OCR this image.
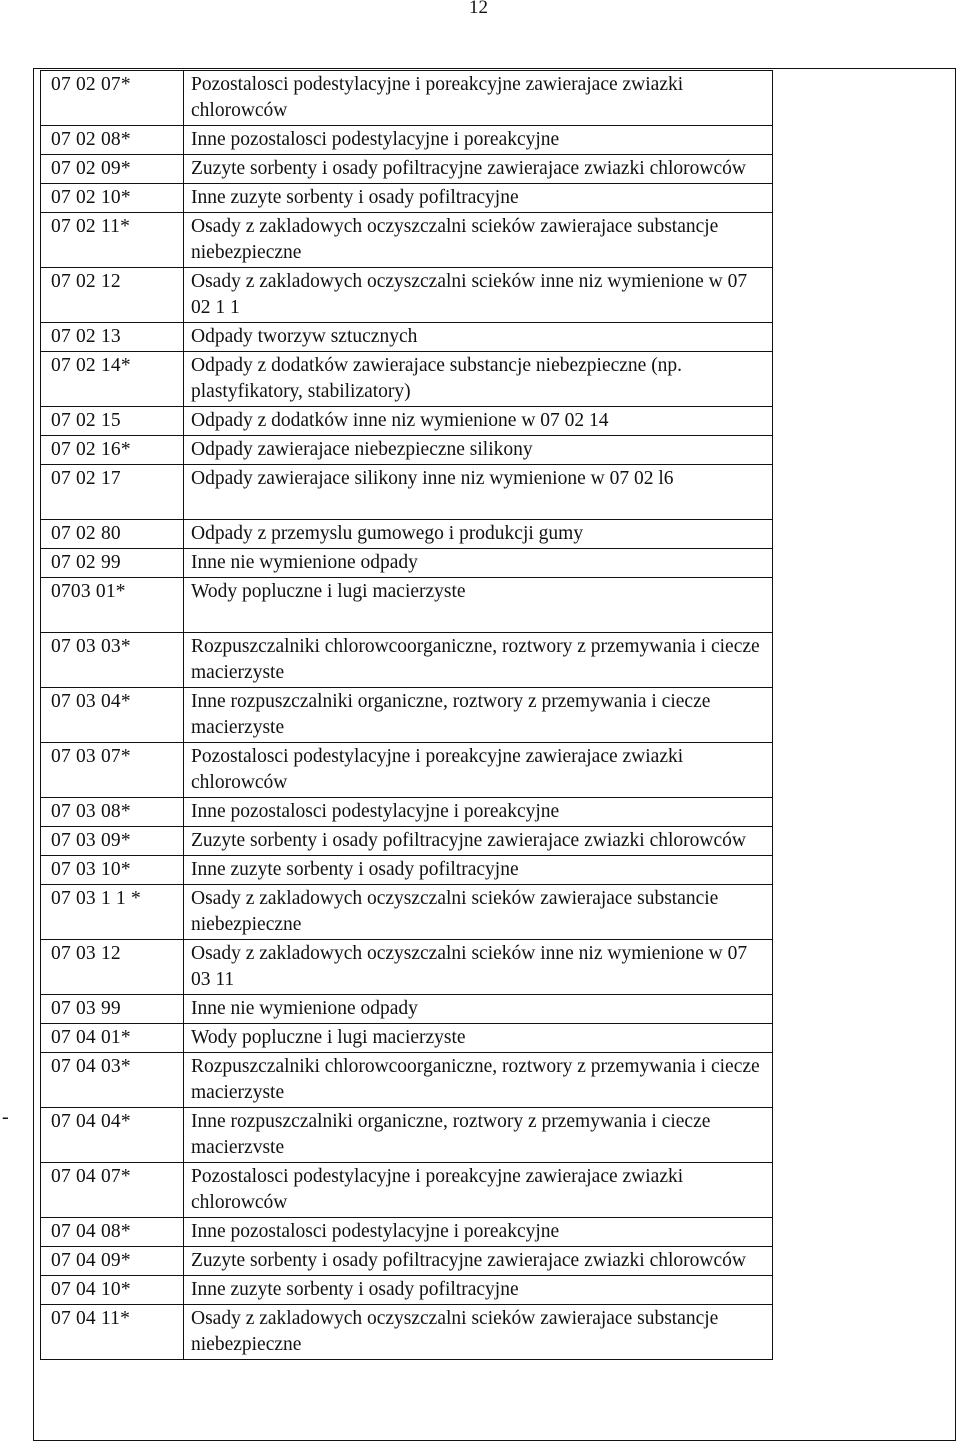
12
-
07 02 07*	Pozostalosci podestylacyjne i poreakcyjne zawierajace zwiazki chlorowców
07 02 08*	Inne pozostalosci podestylacyjne i poreakcyjne
07 02 09*	Zuzyte sorbenty i osady pofiltracyjne zawierajace zwiazki chlorowców
07 02 10*	Inne zuzyte sorbenty i osady pofiltracyjne
07 02 11*	Osady z zakladowych oczyszczalni scieków zawierajace substancje niebezpieczne
07 02 12	Osady z zakladowych oczyszczalni scieków inne niz wymienione w 07 02 1 1
07 02 13	Odpady tworzyw sztucznych
07 02 14*	Odpady z dodatków zawierajace substancje niebezpieczne (np. plastyfikatory, stabilizatory)
07 02 15	Odpady z dodatków inne niz wymienione w 07 02 14
07 02 16*	Odpady zawierajace niebezpieczne silikony
07 02 17	Odpady zawierajace silikony inne niz wymienione w 07 02 l6
07 02 80	Odpady z przemyslu gumowego i produkcji gumy
07 02 99	Inne nie wymienione odpady
0703 01*	Wody popluczne i lugi macierzyste
07 03 03*	Rozpuszczalniki chlorowcoorganiczne, roztwory z przemywania i ciecze macierzyste
07 03 04*	Inne rozpuszczalniki organiczne, roztwory z przemywania i ciecze macierzyste
07 03 07*	Pozostalosci podestylacyjne i poreakcyjne zawierajace zwiazki chlorowców
07 03 08*	Inne pozostalosci podestylacyjne i poreakcyjne
07 03 09*	Zuzyte sorbenty i osady pofiltracyjne zawierajace zwiazki chlorowców
07 03 10*	Inne zuzyte sorbenty i osady pofiltracyjne
07 03 1 1 *	Osady z zakladowych oczyszczalni scieków zawierajace substancie niebezpieczne
07 03 12	Osady z zakladowych oczyszczalni scieków inne niz wymienione w 07 03 11
07 03 99	Inne nie wymienione odpady
07 04 01*	Wody popluczne i lugi macierzyste
07 04 03*	Rozpuszczalniki chlorowcoorganiczne, roztwory z przemywania i ciecze macierzyste
07 04 04*	Inne rozpuszczalniki organiczne, roztwory z przemywania i ciecze macierzvste
07 04 07*	Pozostalosci podestylacyjne i poreakcyjne zawierajace zwiazki chlorowców
07 04 08*	Inne pozostalosci podestylacyjne i poreakcyjne
07 04 09*	Zuzyte sorbenty i osady pofiltracyjne zawierajace zwiazki chlorowców
07 04 10*	Inne zuzyte sorbenty i osady pofiltracyjne
07 04 11*	Osady z zakladowych oczyszczalni scieków zawierajace substancje niebezpieczne
